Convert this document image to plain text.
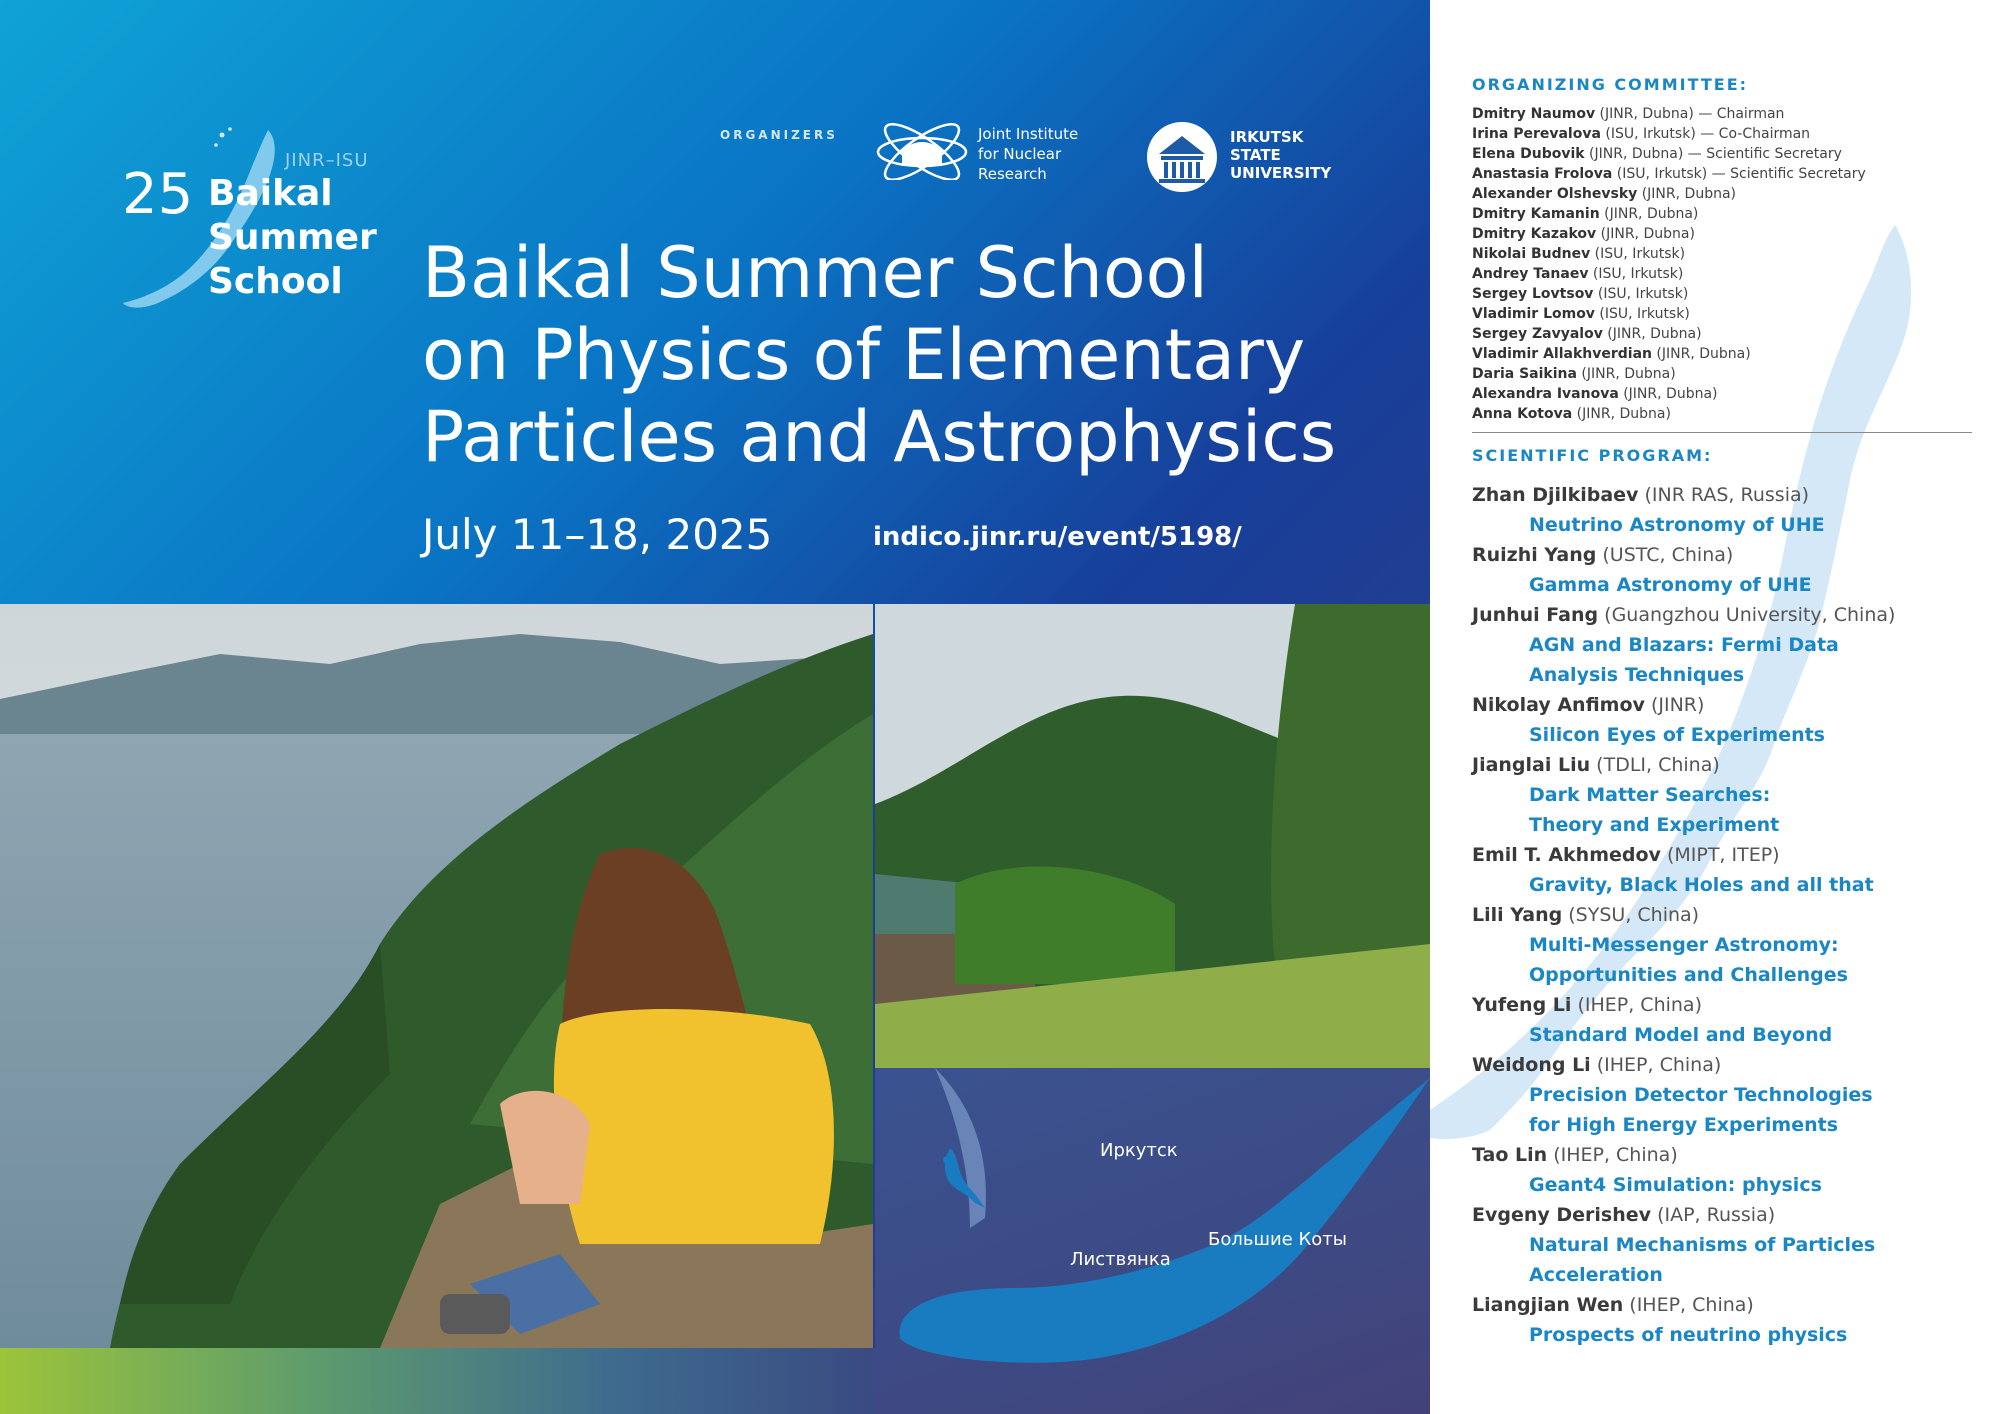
25
JINR–ISU
Baikal
Summer
School
ORGANIZERS	Joint Institute
for Nuclear
Research
IRKUTSK
STATE
UNIVERSITY
Baikal Summer School
on Physics of Elementary
Particles and Astrophysics
July 11–18, 2025	indico.jinr.ru/event/5198/
Иркутск
Листвянка
Большие Коты
ORGANIZING COMMITTEE:
Dmitry Naumov (JINR, Dubna) — Chairman
Irina Perevalova (ISU, Irkutsk) — Co-Chairman
Elena Dubovik (JINR, Dubna) — Scientific Secretary
Anastasia Frolova (ISU, Irkutsk) — Scientific Secretary
Alexander Olshevsky (JINR, Dubna)
Dmitry Kamanin (JINR, Dubna)
Dmitry Kazakov (JINR, Dubna)
Nikolai Budnev (ISU, Irkutsk)
Andrey Tanaev (ISU, Irkutsk)
Sergey Lovtsov (ISU, Irkutsk)
Vladimir Lomov (ISU, Irkutsk)
Sergey Zavyalov (JINR, Dubna)
Vladimir Allakhverdian (JINR, Dubna)
Daria Saikina (JINR, Dubna)
Alexandra Ivanova (JINR, Dubna)
Anna Kotova (JINR, Dubna)
SCIENTIFIC PROGRAM:
Zhan Djilkibaev (INR RAS, Russia)
Neutrino Astronomy of UHE
Ruizhi Yang (USTC, China)
Gamma Astronomy of UHE
Junhui Fang (Guangzhou University, China)
AGN and Blazars: Fermi Data
Analysis Techniques
Nikolay Anfimov (JINR)
Silicon Eyes of Experiments
Jianglai Liu (TDLI, China)
Dark Matter Searches:
Theory and Experiment
Emil T. Akhmedov (MIPT, ITEP)
Gravity, Black Holes and all that
Lili Yang (SYSU, China)
Multi-Messenger Astronomy:
Opportunities and Challenges
Yufeng Li (IHEP, China)
Standard Model and Beyond
Weidong Li (IHEP, China)
Precision Detector Technologies
for High Energy Experiments
Tao Lin (IHEP, China)
Geant4 Simulation: physics
Evgeny Derishev (IAP, Russia)
Natural Mechanisms of Particles
Acceleration
Liangjian Wen (IHEP, China)
Prospects of neutrino physics
